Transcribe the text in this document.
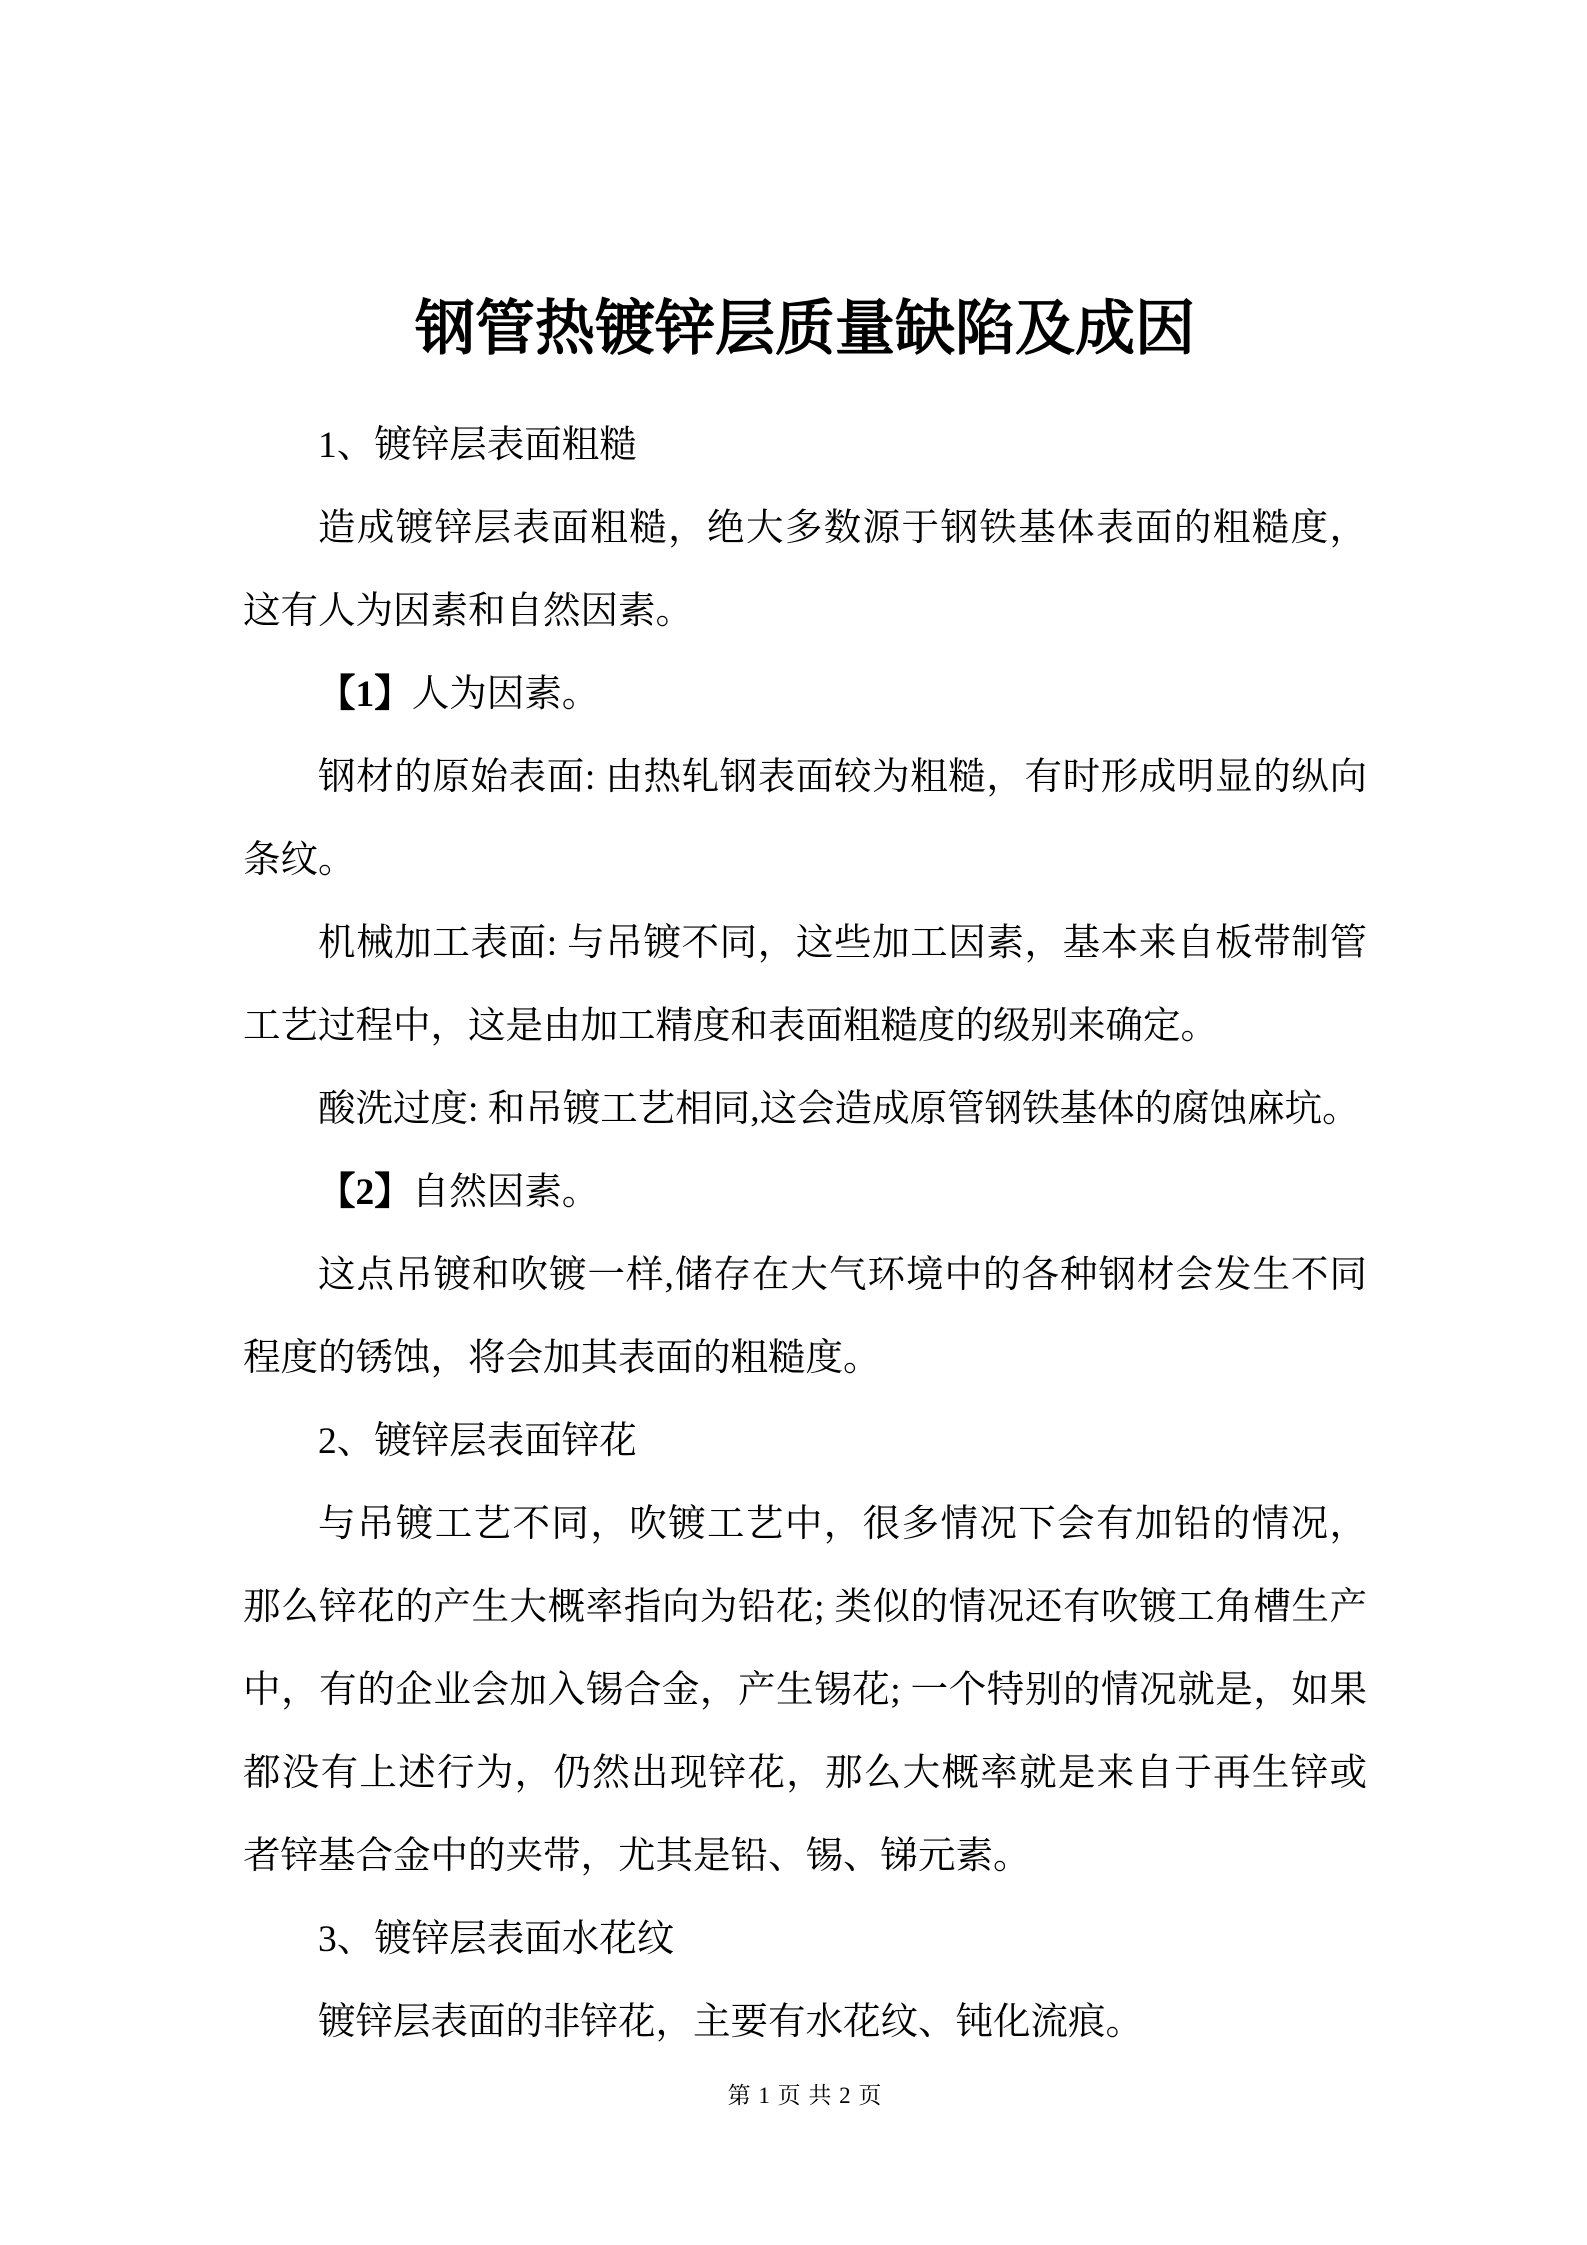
钢管热镀锌层质量缺陷及成因

1、镀锌层表面粗糙

造成镀锌层表面粗糙，绝大多数源于钢铁基体表面的粗糙度，这有人为因素和自然因素。

【1】人为因素。

钢材的原始表面: 由热轧钢表面较为粗糙，有时形成明显的纵向条纹。

机械加工表面: 与吊镀不同，这些加工因素，基本来自板带制管工艺过程中，这是由加工精度和表面粗糙度的级别来确定。

酸洗过度: 和吊镀工艺相同,这会造成原管钢铁基体的腐蚀麻坑。

【2】自然因素。

这点吊镀和吹镀一样,储存在大气环境中的各种钢材会发生不同程度的锈蚀，将会加其表面的粗糙度。

2、镀锌层表面锌花

与吊镀工艺不同，吹镀工艺中，很多情况下会有加铅的情况，那么锌花的产生大概率指向为铅花; 类似的情况还有吹镀工角槽生产中，有的企业会加入锡合金，产生锡花; 一个特别的情况就是，如果都没有上述行为，仍然出现锌花，那么大概率就是来自于再生锌或者锌基合金中的夹带，尤其是铅、锡、锑元素。

3、镀锌层表面水花纹

镀锌层表面的非锌花，主要有水花纹、钝化流痕。

第 1 页 共 2 页
